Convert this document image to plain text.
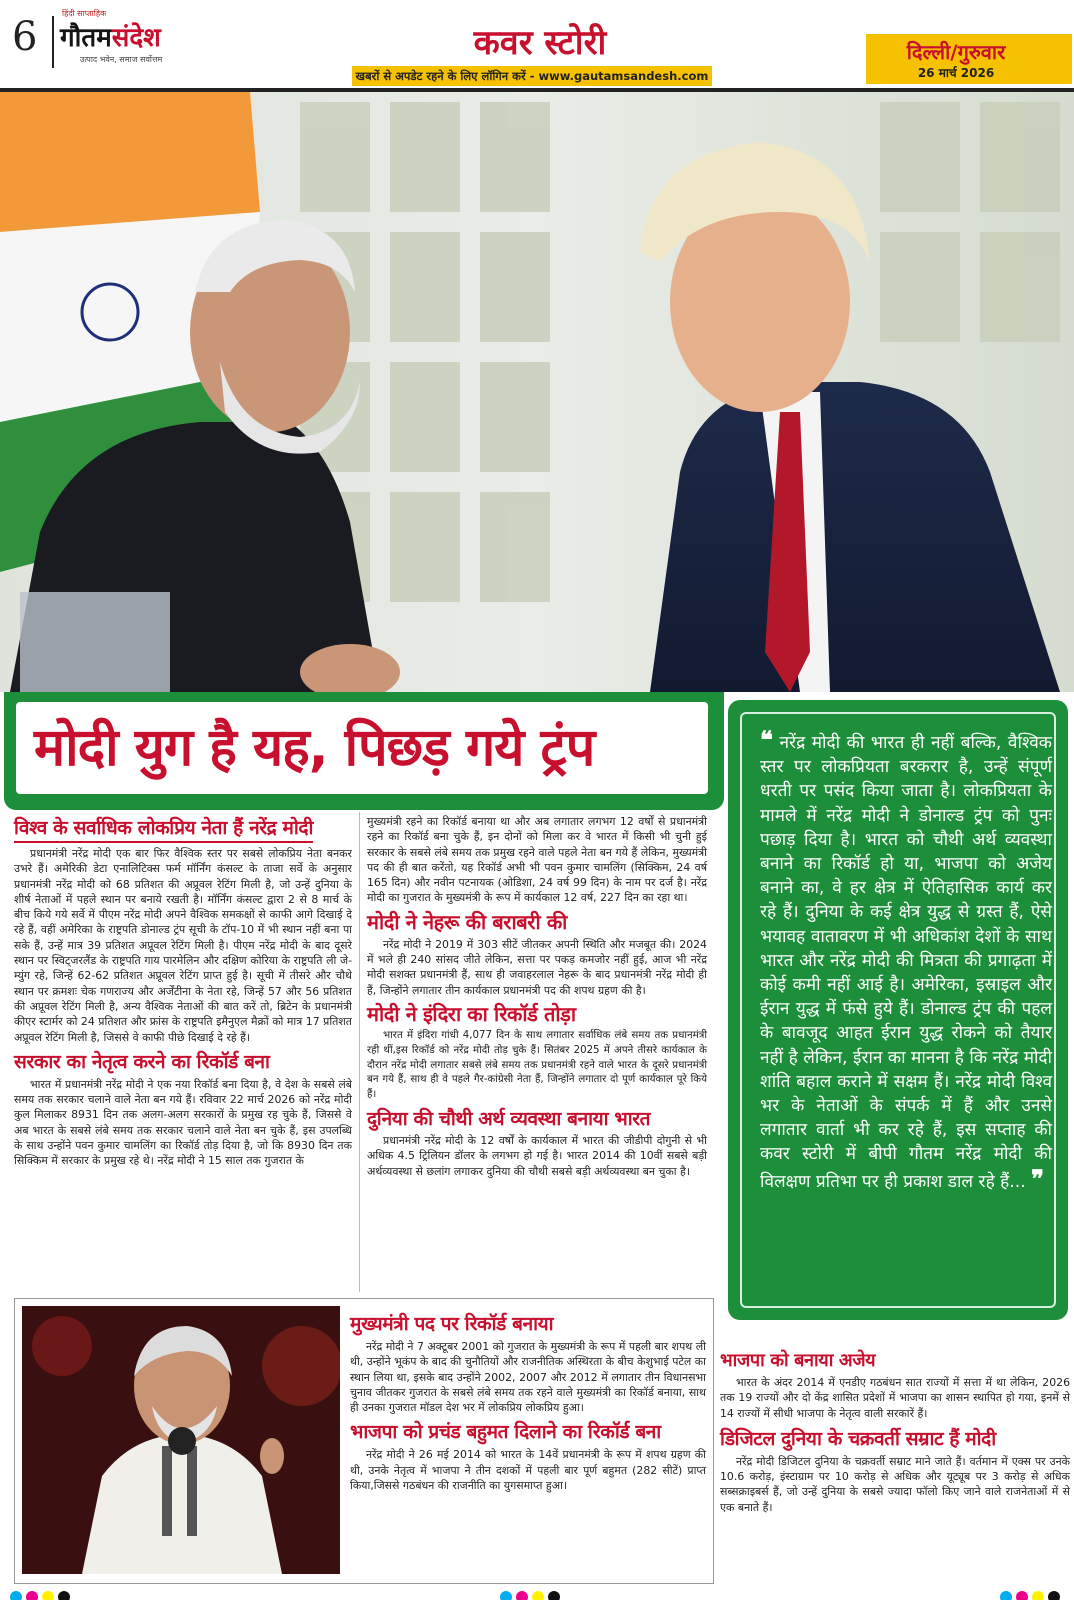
6
हिंदी साप्ताहिक
गौतमसंदेश
उत्पाद भवेन, समाज सर्वोत्तम	कवर स्टोरी
खबरों से अपडेट रहने के लिए लॉगिन करें - www.gautamsandesh.com
दिल्ली/गुरुवार
26 मार्च 2026
मोदी युग है यह, पिछड़ गये ट्रंप	❝ नरेंद्र मोदी की भारत ही नहीं बल्कि, वैश्विक स्तर पर लोकप्रियता बरकरार है, उन्हें संपूर्ण धरती पर पसंद किया जाता है। लोकप्रियता के मामले में नरेंद्र मोदी ने डोनाल्ड ट्रंप को पुनः पछाड़ दिया है। भारत को चौथी अर्थ व्यवस्था बनाने का रिकॉर्ड हो या, भाजपा को अजेय बनाने का, वे हर क्षेत्र में ऐतिहासिक कार्य कर रहे हैं। दुनिया के कई क्षेत्र युद्ध से ग्रस्त हैं, ऐसे भयावह वातावरण में भी अधिकांश देशों के साथ भारत और नरेंद्र मोदी की मित्रता की प्रगाढ़ता में कोई कमी नहीं आई है। अमेरिका, इस्राइल और ईरान युद्ध में फंसे हुये हैं। डोनाल्ड ट्रंप की पहल के बावजूद आहत ईरान युद्ध रोकने को तैयार नहीं है लेकिन, ईरान का मानना है कि नरेंद्र मोदी शांति बहाल कराने में सक्षम हैं। नरेंद्र मोदी विश्व भर के नेताओं के संपर्क में हैं और उनसे लगातार वार्ता भी कर रहे हैं, इस सप्ताह की कवर स्टोरी में बीपी गौतम नरेंद्र मोदी की विलक्षण प्रतिभा पर ही प्रकाश डाल रहे हैं... ❞
विश्व के सर्वाधिक लोकप्रिय नेता हैं नरेंद्र मोदी
प्रधानमंत्री नरेंद्र मोदी एक बार फिर वैश्विक स्तर पर सबसे लोकप्रिय नेता बनकर उभरे हैं। अमेरिकी डेटा एनालिटिक्स फर्म मॉर्निंग कंसल्ट के ताजा सर्वे के अनुसार प्रधानमंत्री नरेंद्र मोदी को 68 प्रतिशत की अप्रूवल रेटिंग मिली है, जो उन्हें दुनिया के शीर्ष नेताओं में पहले स्थान पर बनाये रखती है। मॉर्निंग कंसल्ट द्वारा 2 से 8 मार्च के बीच किये गये सर्वे में पीएम नरेंद्र मोदी अपने वैश्विक समकक्षों से काफी आगे दिखाई दे रहे हैं, वहीं अमेरिका के राष्ट्रपति डोनाल्ड ट्रंप सूची के टॉप-10 में भी स्थान नहीं बना पा सके हैं, उन्हें मात्र 39 प्रतिशत अप्रूवल रेटिंग मिली है। पीएम नरेंद्र मोदी के बाद दूसरे स्थान पर स्विट्जरलैंड के राष्ट्रपति गाय पारमेलिन और दक्षिण कोरिया के राष्ट्रपति ली जे-म्युंग रहे, जिन्हें 62-62 प्रतिशत अप्रूवल रेटिंग प्राप्त हुई है। सूची में तीसरे और चौथे स्थान पर क्रमशः चेक गणराज्य और अर्जेंटीना के नेता रहे, जिन्हें 57 और 56 प्रतिशत की अप्रूवल रेटिंग मिली है, अन्य वैश्विक नेताओं की बात करें तो, ब्रिटेन के प्रधानमंत्री कीएर स्टार्मर को 24 प्रतिशत और फ्रांस के राष्ट्रपति इमैनुएल मैक्रों को मात्र 17 प्रतिशत अप्रूवल रेटिंग मिली है, जिससे वे काफी पीछे दिखाई दे रहे हैं।
सरकार का नेतृत्व करने का रिकॉर्ड बना
भारत में प्रधानमंत्री नरेंद्र मोदी ने एक नया रिकॉर्ड बना दिया है, वे देश के सबसे लंबे समय तक सरकार चलाने वाले नेता बन गये हैं। रविवार 22 मार्च 2026 को नरेंद्र मोदी कुल मिलाकर 8931 दिन तक अलग-अलग सरकारों के प्रमुख रह चुके हैं, जिससे वे अब भारत के सबसे लंबे समय तक सरकार चलाने वाले नेता बन चुके हैं, इस उपलब्धि के साथ उन्होंने पवन कुमार चामलिंग का रिकॉर्ड तोड़ दिया है, जो कि 8930 दिन तक सिक्किम में सरकार के प्रमुख रहे थे। नरेंद्र मोदी ने 15 साल तक गुजरात के
मुख्यमंत्री रहने का रिकॉर्ड बनाया था और अब लगातार लगभग 12 वर्षों से प्रधानमंत्री रहने का रिकॉर्ड बना चुके हैं, इन दोनों को मिला कर वे भारत में किसी भी चुनी हुई सरकार के सबसे लंबे समय तक प्रमुख रहने वाले पहले नेता बन गये हैं लेकिन, मुख्यमंत्री पद की ही बात करेंतो, यह रिकॉर्ड अभी भी पवन कुमार चामलिंग (सिक्किम, 24 वर्ष 165 दिन) और नवीन पटनायक (ओडिशा, 24 वर्ष 99 दिन) के नाम पर दर्ज है। नरेंद्र मोदी का गुजरात के मुख्यमंत्री के रूप में कार्यकाल 12 वर्ष, 227 दिन का रहा था।
मोदी ने नेहरू की बराबरी की
नरेंद्र मोदी ने 2019 में 303 सीटें जीतकर अपनी स्थिति और मजबूत की। 2024 में भले ही 240 सांसद जीते लेकिन, सत्ता पर पकड़ कमजोर नहीं हुई, आज भी नरेंद्र मोदी सशक्त प्रधानमंत्री हैं, साथ ही जवाहरलाल नेहरू के बाद प्रधानमंत्री नरेंद्र मोदी ही हैं, जिन्होंने लगातार तीन कार्यकाल प्रधानमंत्री पद की शपथ ग्रहण की है।
मोदी ने इंदिरा का रिकॉर्ड तोड़ा
भारत में इंदिरा गांधी 4,077 दिन के साथ लगातार सर्वाधिक लंबे समय तक प्रधानमंत्री रही थीं,इस रिकॉर्ड को नरेंद्र मोदी तोड़ चुके हैं। सितंबर 2025 में अपने तीसरे कार्यकाल के दौरान नरेंद्र मोदी लगातार सबसे लंबे समय तक प्रधानमंत्री रहने वाले भारत के दूसरे प्रधानमंत्री बन गये हैं, साथ ही वे पहले गैर-कांग्रेसी नेता हैं, जिन्होंने लगातार दो पूर्ण कार्यकाल पूरे किये हैं।
दुनिया की चौथी अर्थ व्यवस्था बनाया भारत
प्रधानमंत्री नरेंद्र मोदी के 12 वर्षों के कार्यकाल में भारत की जीडीपी दोगुनी से भी अधिक 4.5 ट्रिलियन डॉलर के लगभग हो गई है। भारत 2014 की 10वीं सबसे बड़ी अर्थव्यवस्था से छलांग लगाकर दुनिया की चौथी सबसे बड़ी अर्थव्यवस्था बन चुका है।
मुख्यमंत्री पद पर रिकॉर्ड बनाया
नरेंद्र मोदी ने 7 अक्टूबर 2001 को गुजरात के मुख्यमंत्री के रूप में पहली बार शपथ ली थी, उन्होंने भूकंप के बाद की चुनौतियों और राजनीतिक अस्थिरता के बीच केशुभाई पटेल का स्थान लिया था, इसके बाद उन्होंने 2002, 2007 और 2012 में लगातार तीन विधानसभा चुनाव जीतकर गुजरात के सबसे लंबे समय तक रहने वाले मुख्यमंत्री का रिकॉर्ड बनाया, साथ ही उनका गुजरात मॉडल देश भर में लोकप्रिय लोकप्रिय हुआ।
भाजपा को प्रचंड बहुमत दिलाने का रिकॉर्ड बना
नरेंद्र मोदी ने 26 मई 2014 को भारत के 14वें प्रधानमंत्री के रूप में शपथ ग्रहण की थी, उनके नेतृत्व में भाजपा ने तीन दशकों में पहली बार पूर्ण बहुमत (282 सीटें) प्राप्त किया,जिससे गठबंधन की राजनीति का युगसमाप्त हुआ।
भाजपा को बनाया अजेय
भारत के अंदर 2014 में एनडीए गठबंधन सात राज्यों में सत्ता में था लेकिन, 2026 तक 19 राज्यों और दो केंद्र शासित प्रदेशों में भाजपा का शासन स्थापित हो गया, इनमें से 14 राज्यों में सीधी भाजपा के नेतृत्व वाली सरकारें हैं।
डिजिटल दुनिया के चक्रवर्ती सम्राट हैं मोदी
नरेंद्र मोदी डिजिटल दुनिया के चक्रवर्ती सम्राट माने जाते हैं। वर्तमान में एक्स पर उनके 10.6 करोड़, इंस्टाग्राम पर 10 करोड़ से अधिक और यूट्यूब पर 3 करोड़ से अधिक सब्सक्राइबर्स हैं, जो उन्हें दुनिया के सबसे ज्यादा फॉलो किए जाने वाले राजनेताओं में से एक बनाते हैं।
